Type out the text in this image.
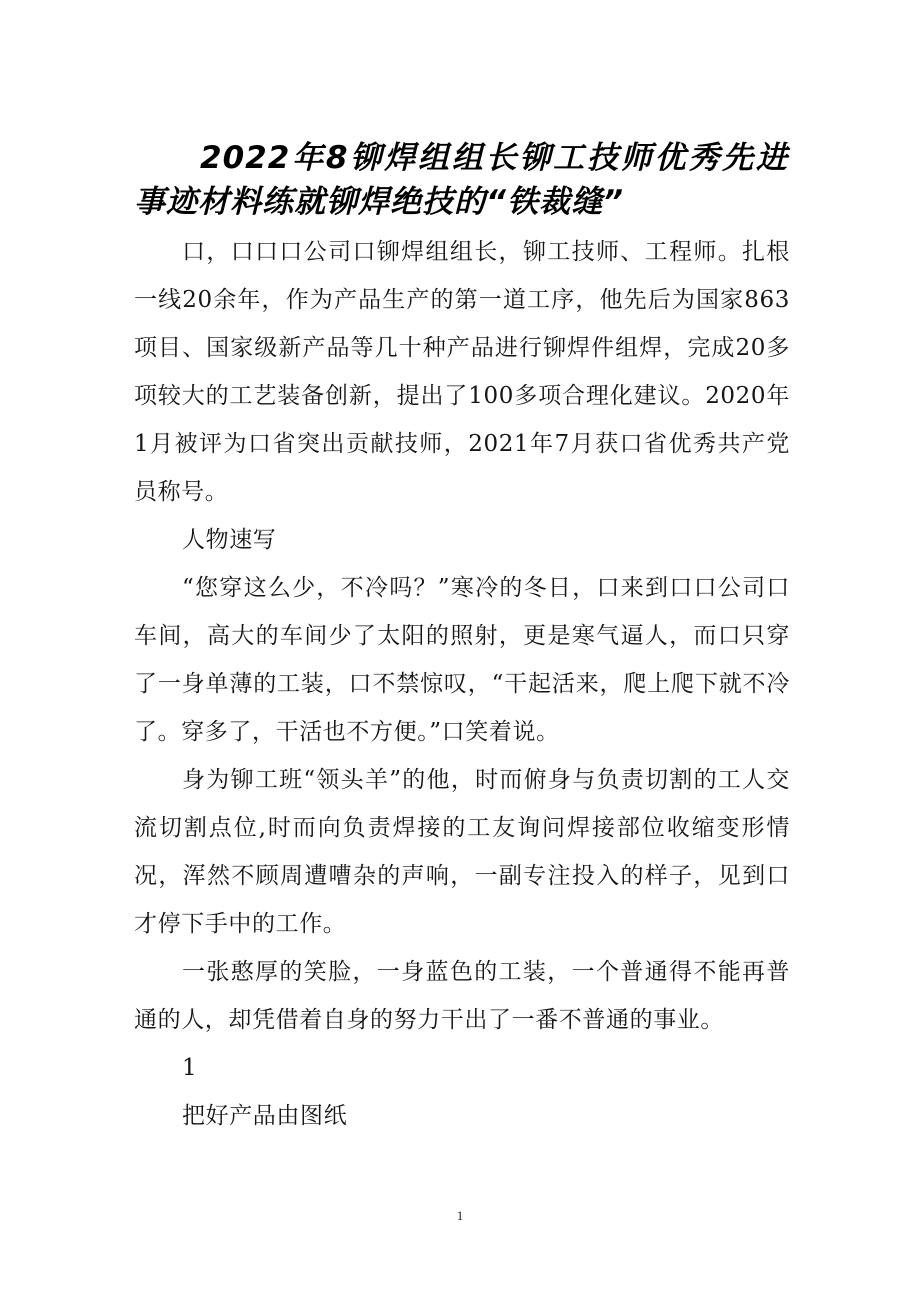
2022年8铆焊组组长铆工技师优秀先进事迹材料练就铆焊绝技的“铁裁缝”

口，口口口公司口铆焊组组长，铆工技师、工程师。扎根一线20余年，作为产品生产的第一道工序，他先后为国家863项目、国家级新产品等几十种产品进行铆焊件组焊，完成20多项较大的工艺装备创新，提出了100多项合理化建议。2020年1月被评为口省突出贡献技师，2021年7月获口省优秀共产党员称号。

人物速写

“您穿这么少，不冷吗？”寒冷的冬日，口来到口口公司口车间，高大的车间少了太阳的照射，更是寒气逼人，而口只穿了一身单薄的工装，口不禁惊叹，“干起活来，爬上爬下就不冷了。穿多了，干活也不方便。”口笑着说。

身为铆工班“领头羊”的他，时而俯身与负责切割的工人交流切割点位,时而向负责焊接的工友询问焊接部位收缩变形情况，浑然不顾周遭嘈杂的声响，一副专注投入的样子，见到口才停下手中的工作。

一张憨厚的笑脸，一身蓝色的工装，一个普通得不能再普通的人，却凭借着自身的努力干出了一番不普通的事业。

1

把好产品由图纸

1
